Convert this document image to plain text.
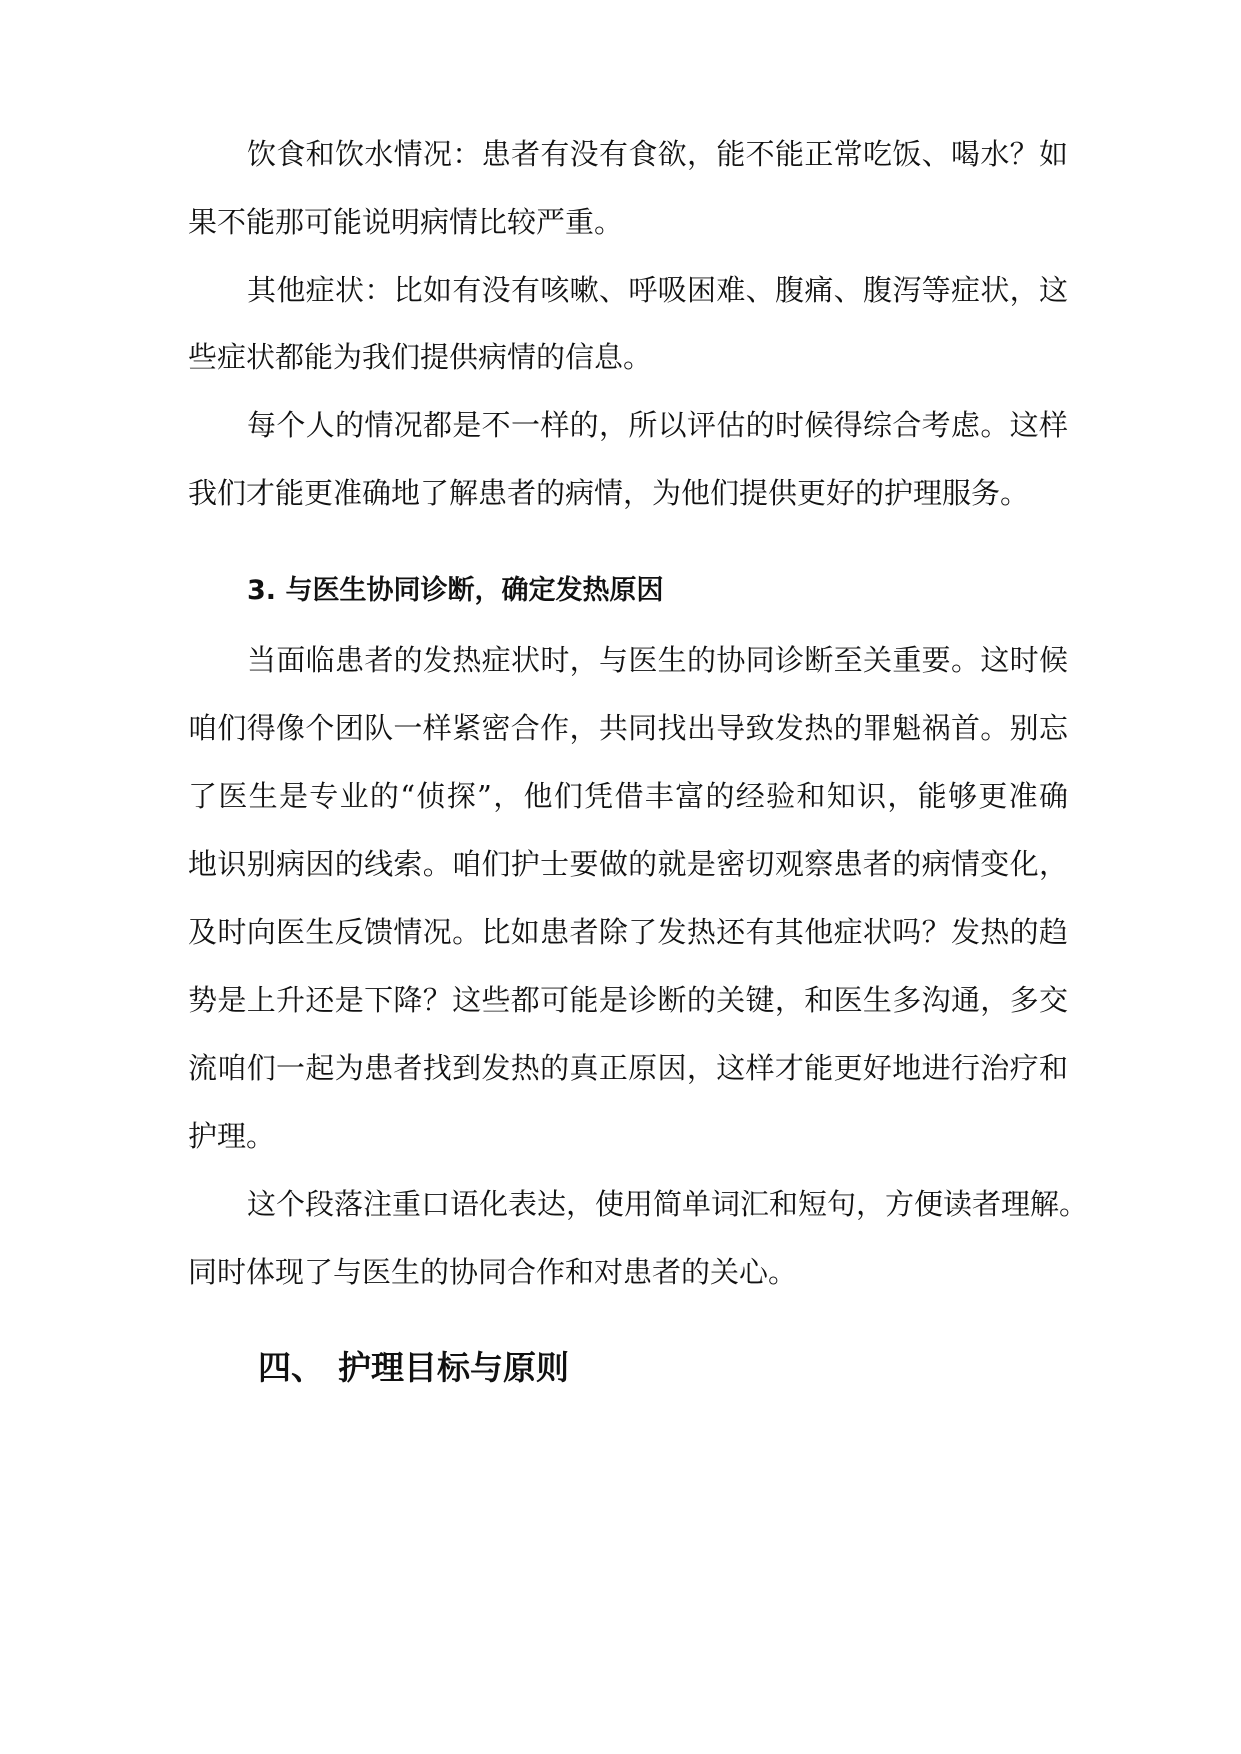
饮食和饮水情况：患者有没有食欲，能不能正常吃饭、喝水？如
果不能那可能说明病情比较严重。
其他症状：比如有没有咳嗽、呼吸困难、腹痛、腹泻等症状，这
些症状都能为我们提供病情的信息。
每个人的情况都是不一样的，所以评估的时候得综合考虑。这样
我们才能更准确地了解患者的病情，为他们提供更好的护理服务。
3. 与医生协同诊断，确定发热原因
当面临患者的发热症状时，与医生的协同诊断至关重要。这时候
咱们得像个团队一样紧密合作，共同找出导致发热的罪魁祸首。别忘
了医生是专业的“侦探”，他们凭借丰富的经验和知识，能够更准确
地识别病因的线索。咱们护士要做的就是密切观察患者的病情变化，
及时向医生反馈情况。比如患者除了发热还有其他症状吗？发热的趋
势是上升还是下降？这些都可能是诊断的关键，和医生多沟通，多交
流咱们一起为患者找到发热的真正原因，这样才能更好地进行治疗和
护理。
这个段落注重口语化表达，使用简单词汇和短句，方便读者理解。
同时体现了与医生的协同合作和对患者的关心。
四、 护理目标与原则
